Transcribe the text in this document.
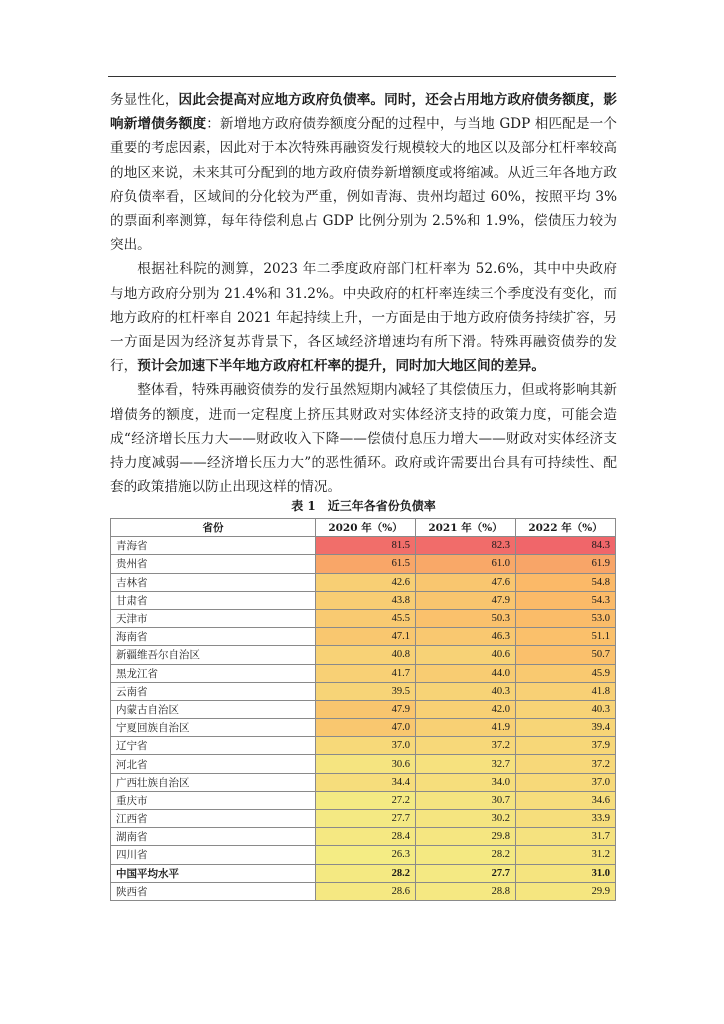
务显性化，因此会提高对应地方政府负债率。同时，还会占用地方政府债务额度，影响新增债务额度：新增地方政府债券额度分配的过程中，与当地 GDP 相匹配是一个重要的考虑因素，因此对于本次特殊再融资发行规模较大的地区以及部分杠杆率较高的地区来说，未来其可分配到的地方政府债券新增额度或将缩减。从近三年各地方政府负债率看，区域间的分化较为严重，例如青海、贵州均超过 60%，按照平均 3%的票面利率测算，每年待偿利息占 GDP 比例分别为 2.5%和 1.9%，偿债压力较为突出。

根据社科院的测算，2023 年二季度政府部门杠杆率为 52.6%，其中中央政府与地方政府分别为 21.4%和 31.2%。中央政府的杠杆率连续三个季度没有变化，而地方政府的杠杆率自 2021 年起持续上升，一方面是由于地方政府债务持续扩容，另一方面是因为经济复苏背景下，各区域经济增速均有所下滑。特殊再融资债券的发行，预计会加速下半年地方政府杠杆率的提升，同时加大地区间的差异。

整体看，特殊再融资债券的发行虽然短期内减轻了其偿债压力，但或将影响其新增债务的额度，进而一定程度上挤压其财政对实体经济支持的政策力度，可能会造成“经济增长压力大——财政收入下降——偿债付息压力增大——财政对实体经济支持力度减弱——经济增长压力大”的恶性循环。政府或许需要出台具有可持续性、配套的政策措施以防止出现这样的情况。

表 1　近三年各省份负债率
省份	2020 年（%）	2021 年（%）	2022 年（%）
青海省	81.5	82.3	84.3
贵州省	61.5	61.0	61.9
吉林省	42.6	47.6	54.8
甘肃省	43.8	47.9	54.3
天津市	45.5	50.3	53.0
海南省	47.1	46.3	51.1
新疆维吾尔自治区	40.8	40.6	50.7
黑龙江省	41.7	44.0	45.9
云南省	39.5	40.3	41.8
内蒙古自治区	47.9	42.0	40.3
宁夏回族自治区	47.0	41.9	39.4
辽宁省	37.0	37.2	37.9
河北省	30.6	32.7	37.2
广西壮族自治区	34.4	34.0	37.0
重庆市	27.2	30.7	34.6
江西省	27.7	30.2	33.9
湖南省	28.4	29.8	31.7
四川省	26.3	28.2	31.2
中国平均水平	28.2	27.7	31.0
陕西省	28.6	28.8	29.9
